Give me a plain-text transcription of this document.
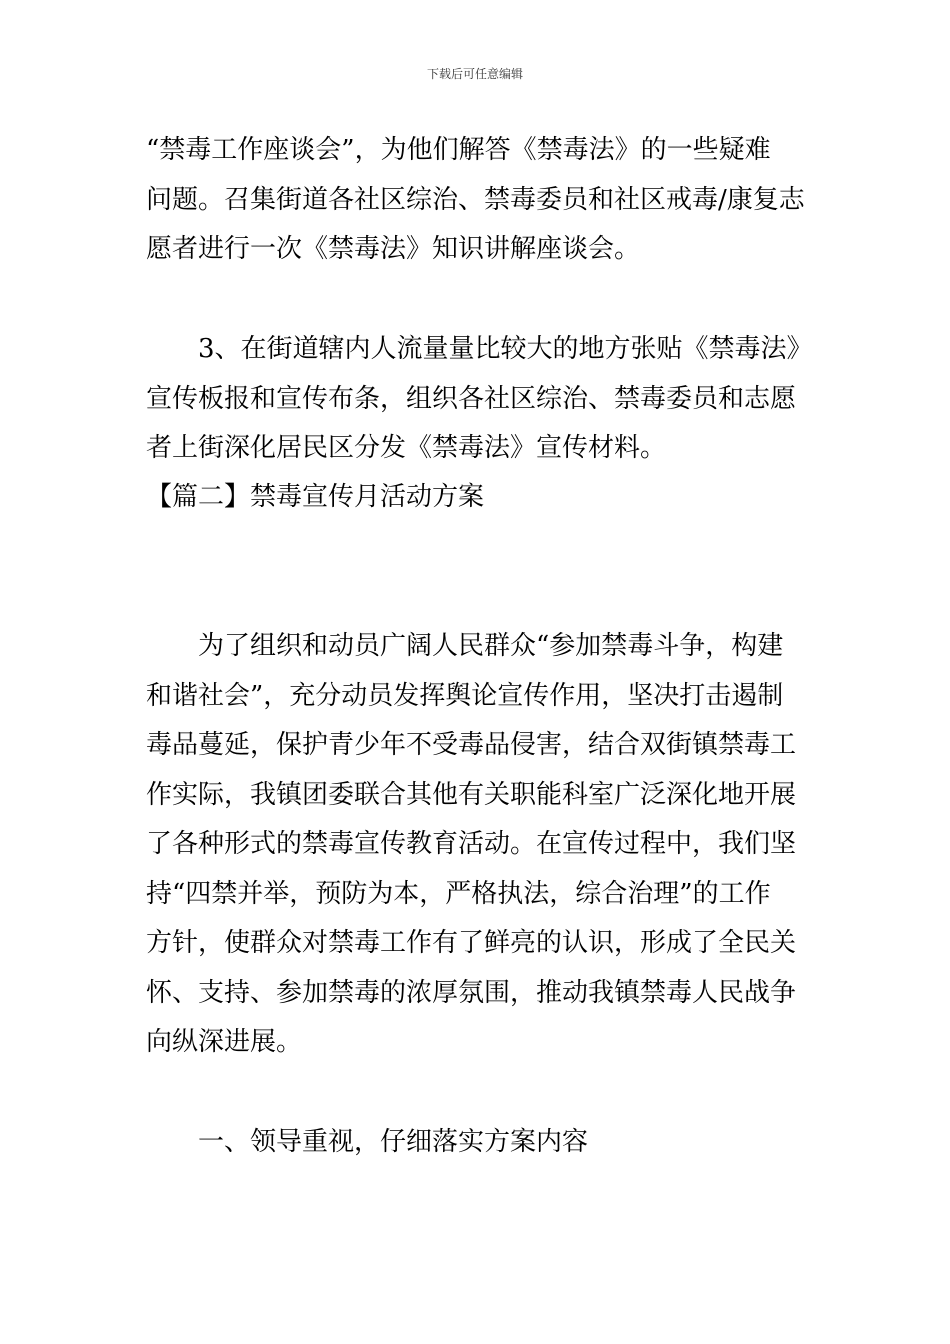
下载后可任意编辑
“禁毒工作座谈会”，为他们解答《禁毒法》的一些疑难
问题。召集街道各社区综治、禁毒委员和社区戒毒/康复志
愿者进行一次《禁毒法》知识讲解座谈会。
3、在街道辖内人流量量比较大的地方张贴《禁毒法》
宣传板报和宣传布条，组织各社区综治、禁毒委员和志愿
者上街深化居民区分发《禁毒法》宣传材料。
【篇二】禁毒宣传月活动方案
为了组织和动员广阔人民群众“参加禁毒斗争，构建
和谐社会”，充分动员发挥舆论宣传作用，坚决打击遏制
毒品蔓延，保护青少年不受毒品侵害，结合双街镇禁毒工
作实际，我镇团委联合其他有关职能科室广泛深化地开展
了各种形式的禁毒宣传教育活动。在宣传过程中，我们坚
持“四禁并举，预防为本，严格执法，综合治理”的工作
方针，使群众对禁毒工作有了鲜亮的认识，形成了全民关
怀、支持、参加禁毒的浓厚氛围，推动我镇禁毒人民战争
向纵深进展。
一、领导重视，仔细落实方案内容
